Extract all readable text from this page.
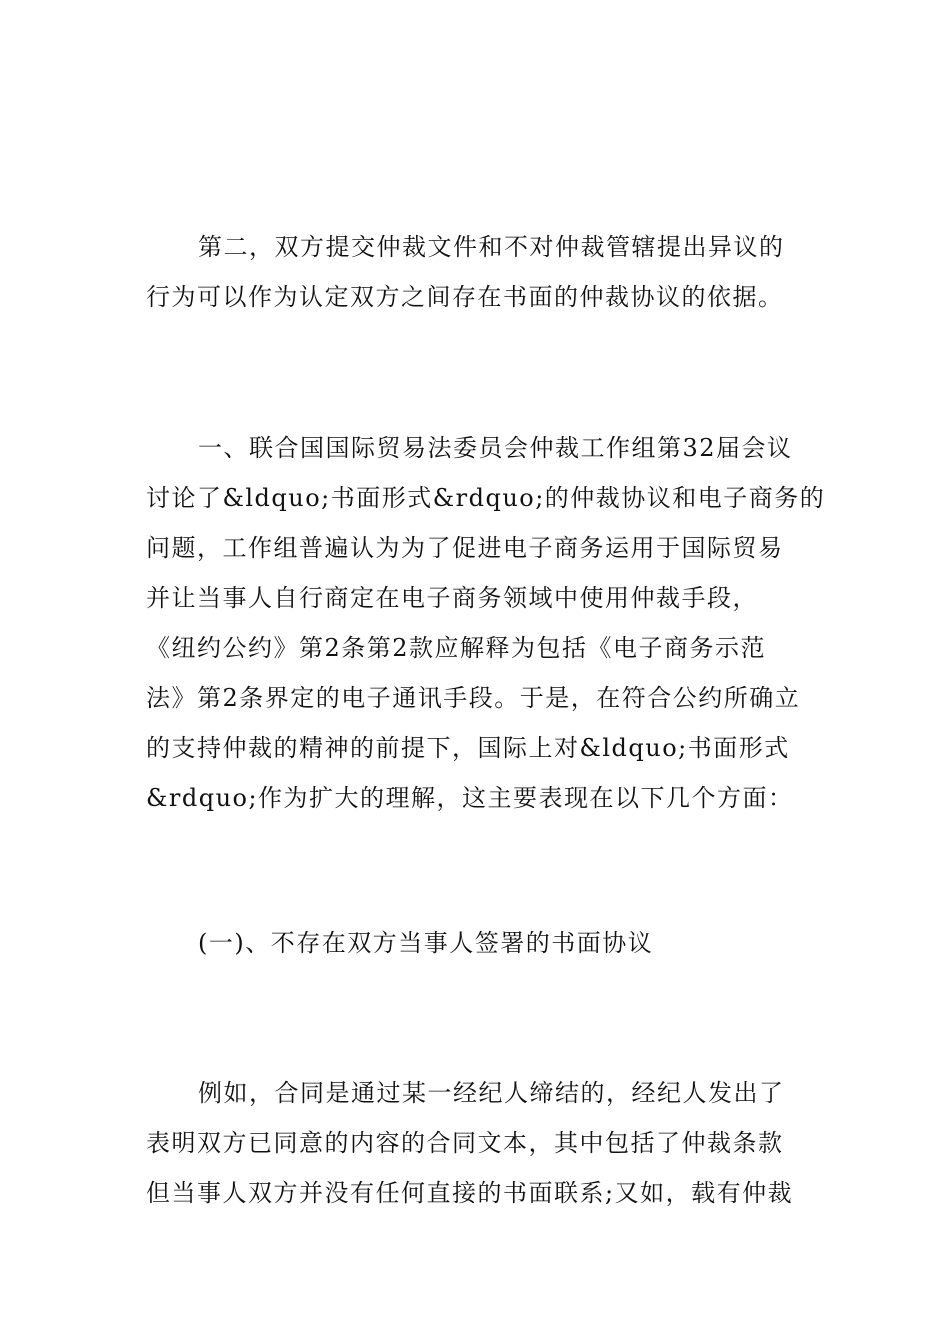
第二，双方提交仲裁文件和不对仲裁管辖提出异议的
行为可以作为认定双方之间存在书面的仲裁协议的依据。
一、联合国国际贸易法委员会仲裁工作组第32届会议
讨论了&ldquo;书面形式&rdquo;的仲裁协议和电子商务的
问题，工作组普遍认为为了促进电子商务运用于国际贸易
并让当事人自行商定在电子商务领域中使用仲裁手段，
《纽约公约》第2条第2款应解释为包括《电子商务示范
法》第2条界定的电子通讯手段。于是，在符合公约所确立
的支持仲裁的精神的前提下，国际上对&ldquo;书面形式
&rdquo;作为扩大的理解，这主要表现在以下几个方面：
(一)、不存在双方当事人签署的书面协议
例如，合同是通过某一经纪人缔结的，经纪人发出了
表明双方已同意的内容的合同文本，其中包括了仲裁条款
但当事人双方并没有任何直接的书面联系;又如，载有仲裁
